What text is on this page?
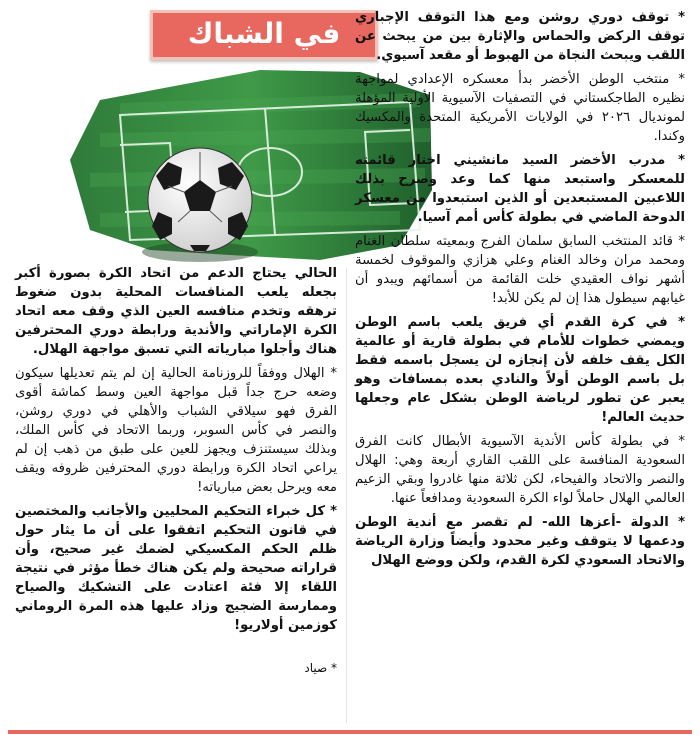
في الشباك	* توقف دوري روشن ومع هذا التوقف الإجباري توقف الركض والحماس والإثارة بين من يبحث عن اللقب ويبحث النجاة من الهبوط أو مقعد آسيوي.

* منتخب الوطن الأخضر بدأ معسكره الإعدادي لمواجهة نظيره الطاجكستاني في التصفيات الآسيوية الأولية المؤهلة لمونديال ٢٠٢٦ في الولايات الأمريكية المتحدة والمكسيك وكندا.

* مدرب الأخضر السيد مانشيني اختار قائمته للمعسكر واستبعد منها كما وعد وصرح بذلك اللاعبين المستبعدين أو الذين استبعدوا من معسكر الدوحة الماضي في بطولة كأس أمم آسيا.

* قائد المنتخب السابق سلمان الفرج وبمعيته سلطان الغنام ومحمد مران وخالد الغنام وعلي هزازي والموقوف لخمسة أشهر نواف العقيدي خلت القائمة من أسمائهم ويبدو أن غيابهم سيطول هذا إن لم يكن للأبد!

* في كرة القدم أي فريق يلعب باسم الوطن ويمضي خطوات للأمام في بطولة قارية أو عالمية الكل يقف خلفه لأن إنجازه لن يسجل باسمه فقط بل باسم الوطن أولاً والنادي بعده بمسافات وهو يعبر عن تطور لرياضة الوطن بشكل عام وجعلها حديث العالم!

* في بطولة كأس الأندية الآسيوية الأبطال كانت الفرق السعودية المنافسة على اللقب القاري أربعة وهي: الهلال والنصر والاتحاد والفيحاء، لكن ثلاثة منها غادروا وبقي الزعيم العالمي الهلال حاملاً لواء الكرة السعودية ومدافعاً عنها.

* الدولة -أعزها الله- لم تقصر مع أندية الوطن ودعمها لا يتوقف وغير محدود وأيضاً وزارة الرياضة والاتحاد السعودي لكرة القدم، ولكن ووضع الهلال

الحالي يحتاج الدعم من اتحاد الكرة بصورة أكبر بجعله يلعب المنافسات المحلية بدون ضغوط ترهقه وتخدم منافسه العين الذي وقف معه اتحاد الكرة الإماراتي والأندية ورابطة دوري المحترفين هناك وأجلوا مبارياته التي تسبق مواجهة الهلال.

* الهلال ووفقاً للروزنامة الحالية إن لم يتم تعديلها سيكون وضعه حرج جداً قبل مواجهة العين وسط كماشة أقوى الفرق فهو سيلاقي الشباب والأهلي في دوري روشن، والنصر في كأس السوبر، وربما الاتحاد في كأس الملك، وبذلك سيستنزف ويجهز للعين على طبق من ذهب إن لم يراعي اتحاد الكرة ورابطة دوري المحترفين ظروفه ويقف معه ويرحل بعض مبارياته!

* كل خبراء التحكيم المحليين والأجانب والمختصين في قانون التحكيم اتفقوا على أن ما يثار حول ظلم الحكم المكسيكي لضمك غير صحيح، وأن قراراته صحيحة ولم يكن هناك خطأ مؤثر في نتيجة اللقاء إلا فئة اعتادت على التشكيك والصياح وممارسة الضجيج وزاد عليها هذه المرة الروماني كوزمين أولاريو!

* صياد
